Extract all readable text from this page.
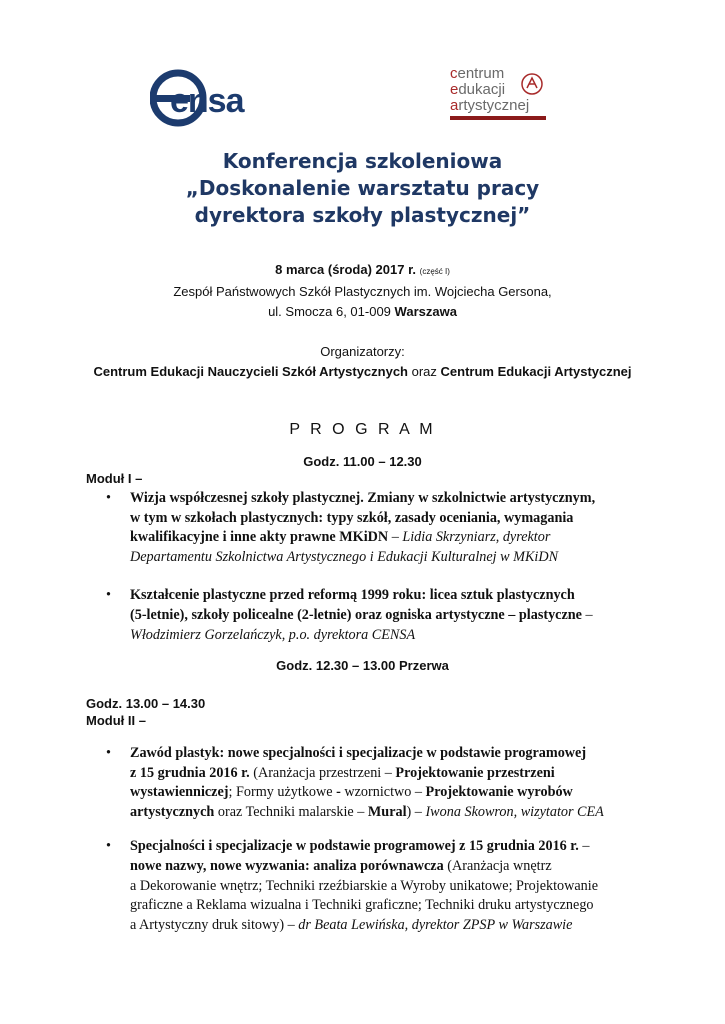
ensa
centrum
edukacji
artystycznej
Konferencja szkoleniowa
„Doskonalenie warsztatu pracy
dyrektora szkoły plastycznej”
8 marca (środa) 2017 r. (część I)
Zespół Państwowych Szkół Plastycznych im. Wojciecha Gersona,
ul. Smocza 6, 01-009 Warszawa
Organizatorzy:
Centrum Edukacji Nauczycieli Szkół Artystycznych oraz Centrum Edukacji Artystycznej
P R O G R A M
Godz. 11.00 – 12.30
Moduł I –
• Wizja współczesnej szkoły plastycznej. Zmiany w szkolnictwie artystycznym,
w tym w szkołach plastycznych: typy szkół, zasady oceniania, wymagania
kwalifikacyjne i inne akty prawne MKiDN – Lidia Skrzyniarz, dyrektor
Departamentu Szkolnictwa Artystycznego i Edukacji Kulturalnej w MKiDN
• Kształcenie plastyczne przed reformą 1999 roku: licea sztuk plastycznych
(5-letnie), szkoły policealne (2-letnie) oraz ogniska artystyczne – plastyczne –
Włodzimierz Gorzelańczyk, p.o. dyrektora CENSA
Godz. 12.30 – 13.00 Przerwa
Godz. 13.00 – 14.30
Moduł II –
• Zawód plastyk: nowe specjalności i specjalizacje w podstawie programowej
z 15 grudnia 2016 r. (Aranżacja przestrzeni – Projektowanie przestrzeni
wystawienniczej; Formy użytkowe - wzornictwo – Projektowanie wyrobów
artystycznych oraz Techniki malarskie – Mural) – Iwona Skowron, wizytator CEA
• Specjalności i specjalizacje w podstawie programowej z 15 grudnia 2016 r. –
nowe nazwy, nowe wyzwania: analiza porównawcza (Aranżacja wnętrz
a Dekorowanie wnętrz; Techniki rzeźbiarskie a Wyroby unikatowe; Projektowanie
graficzne a Reklama wizualna i Techniki graficzne; Techniki druku artystycznego
a Artystyczny druk sitowy) – dr Beata Lewińska, dyrektor ZPSP w Warszawie
